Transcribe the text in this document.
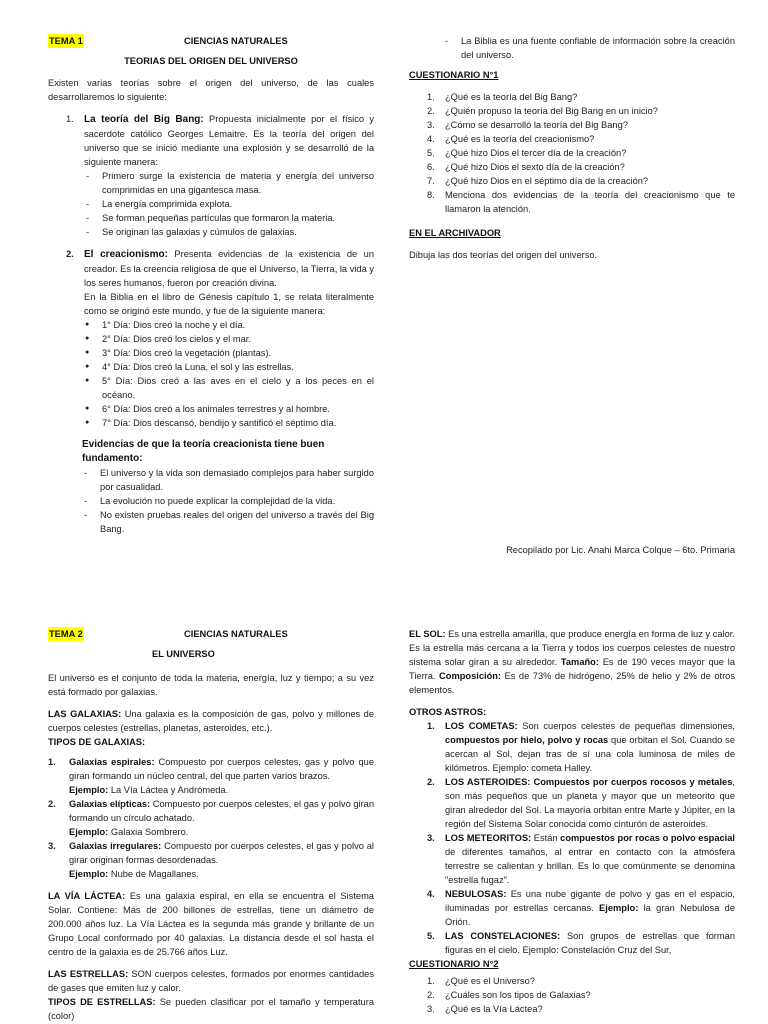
TEMA 1	CIENCIAS NATURALES
TEORIAS DEL ORIGEN DEL UNIVERSO

Existen varias teorías sobre el origen del universo, de las cuales desarrollaremos lo siguiente:

1. La teoría del Big Bang: Propuesta inicialmente por el físico y sacerdote católico Georges Lemaitre. Es la teoría del origen del universo que se inició mediante una explosión y se desarrolló de la siguiente manera:

- Primero surge la existencia de materia y energía del universo comprimidas en una gigantesca masa.
- La energía comprimida explota.
- Se forman pequeñas partículas que formaron la materia.
- Se originan las galaxias y cúmulos de galaxias.

2. El creacionismo: Presenta evidencias de la existencia de un creador. Es la creencia religiosa de que el Universo, la Tierra, la vida y los seres humanos, fueron por creación divina.

En la Biblia en el libro de Génesis capítulo 1, se relata literalmente como se originó este mundo, y fue de la siguiente manera:

● 1° Día: Dios creó la noche y el día.
● 2° Día: Dios creó los cielos y el mar.
● 3° Día: Dios creó la vegetación (plantas).
● 4° Día: Dios creó la Luna, el sol y las estrellas.
● 5° Día: Dios creó a las aves en el cielo y a los peces en el océano.
● 6° Día: Dios creó a los animales terrestres y al hombre.
● 7° Día: Dios descansó, bendijo y santificó el séptimo día.
Evidencias de que la teoría creacionista tiene buen fundamento:
- El universo y la vida son demasiado complejos para haber surgido por casualidad.
- La evolución no puede explicar la complejidad de la vida.
- No existen pruebas reales del origen del universo a través del Big Bang.
- La Biblia es una fuente confiable de información sobre la creación del universo.
CUESTIONARIO N°1
1. ¿Qué es la teoría del Big Bang?
2. ¿Quién propuso la teoría del Big Bang en un inicio?
3. ¿Cómo se desarrolló la teoría del Big Bang?
4. ¿Qué es la teoría del creacionismo?
5. ¿Qué hizo Dios el tercer día de la creación?
6. ¿Qué hizo Dios el sexto día de la creación?
7. ¿Qué hizo Dios en el séptimo día de la creación?
8. Menciona dos evidencias de la teoría del creacionismo que te llamaron la atención.
EN EL ARCHIVADOR

Dibuja las dos teorías del origen del universo.

Recopilado por Lic. Anahi Marca Colque – 6to. Primaria
TEMA 2	CIENCIAS NATURALES
EL UNIVERSO

El universo es el conjunto de toda la materia, energía, luz y tiempo; a su vez está formado por galaxias.

LAS GALAXIAS: Una galaxia es la composición de gas, polvo y millones de cuerpos celestes (estrellas, planetas, asteroides, etc.).

TIPOS DE GALAXIAS:
1. Galaxias espirales: Compuesto por cuerpos celestes, gas y polvo que giran formando un núcleo central, del que parten varios brazos.
Ejemplo: La Vía Láctea y Andrómeda.
2. Galaxias elípticas: Compuesto por cuerpos celestes, el gas y polvo giran formando un círculo achatado.
Ejemplo: Galaxia Sombrero.
3. Galaxias irregulares: Compuesto por cuerpos celestes, el gas y polvo al girar originan formas desordenadas.
Ejemplo: Nube de Magallanes.

LA VÍA LÁCTEA: Es una galaxia espiral, en ella se encuentra el Sistema Solar. Contiene: Más de 200 billones de estrellas, tiene un diámetro de 200.000 años luz. La Vía Láctea es la segunda más grande y brillante de un Grupo Local conformado por 40 galaxias. La distancia desde el sol hasta el centro de la galaxia es de 25.766 años Luz.

LAS ESTRELLAS: SON cuerpos celestes, formados por enormes cantidades de gases que emiten luz y calor.

TIPOS DE ESTRELLAS: Se pueden clasificar por el tamaño y temperatura (color)

EL SOL: Es una estrella amarilla, que produce energía en forma de luz y calor. Es la estrella más cercana a la Tierra y todos los cuerpos celestes de nuestro sistema solar giran a su alrededor. Tamaño: Es de 190 veces mayor que la Tierra. Composición: Es de 73% de hidrógeno, 25% de helio y 2% de otros elementos.

OTROS ASTROS:
1. LOS COMETAS: Son cuerpos celestes de pequeñas dimensiones, compuestos por hielo, polvo y rocas que orbitan el Sol. Cuando se acercan al Sol, dejan tras de sí una cola luminosa de miles de kilómetros. Ejemplo: cometa Halley.
2. LOS ASTEROIDES: Compuestos por cuerpos rocosos y metales, son más pequeños que un planeta y mayor que un meteorito que giran alrededor del Sol. La mayoría orbitan entre Marte y Júpiter, en la región del Sistema Solar conocida como cinturón de asteroides.
3. LOS METEORITOS: Están compuestos por rocas o polvo espacial de diferentes tamaños, al entrar en contacto con la atmósfera terrestre se calientan y brillan. Es lo que comúnmente se denomina "estrella fugaz".
4. NEBULOSAS: Es una nube gigante de polvo y gas en el espacio, iluminadas por estrellas cercanas. Ejemplo: la gran Nebulosa de Orión.
5. LAS CONSTELACIONES: Son grupos de estrellas que forman figuras en el cielo. Ejemplo: Constelación Cruz del Sur,
CUESTIONARIO N°2
1. ¿Qué es el Universo?
2. ¿Cuáles son los tipos de Galaxias?
3. ¿Qué es la Vía Láctea?
